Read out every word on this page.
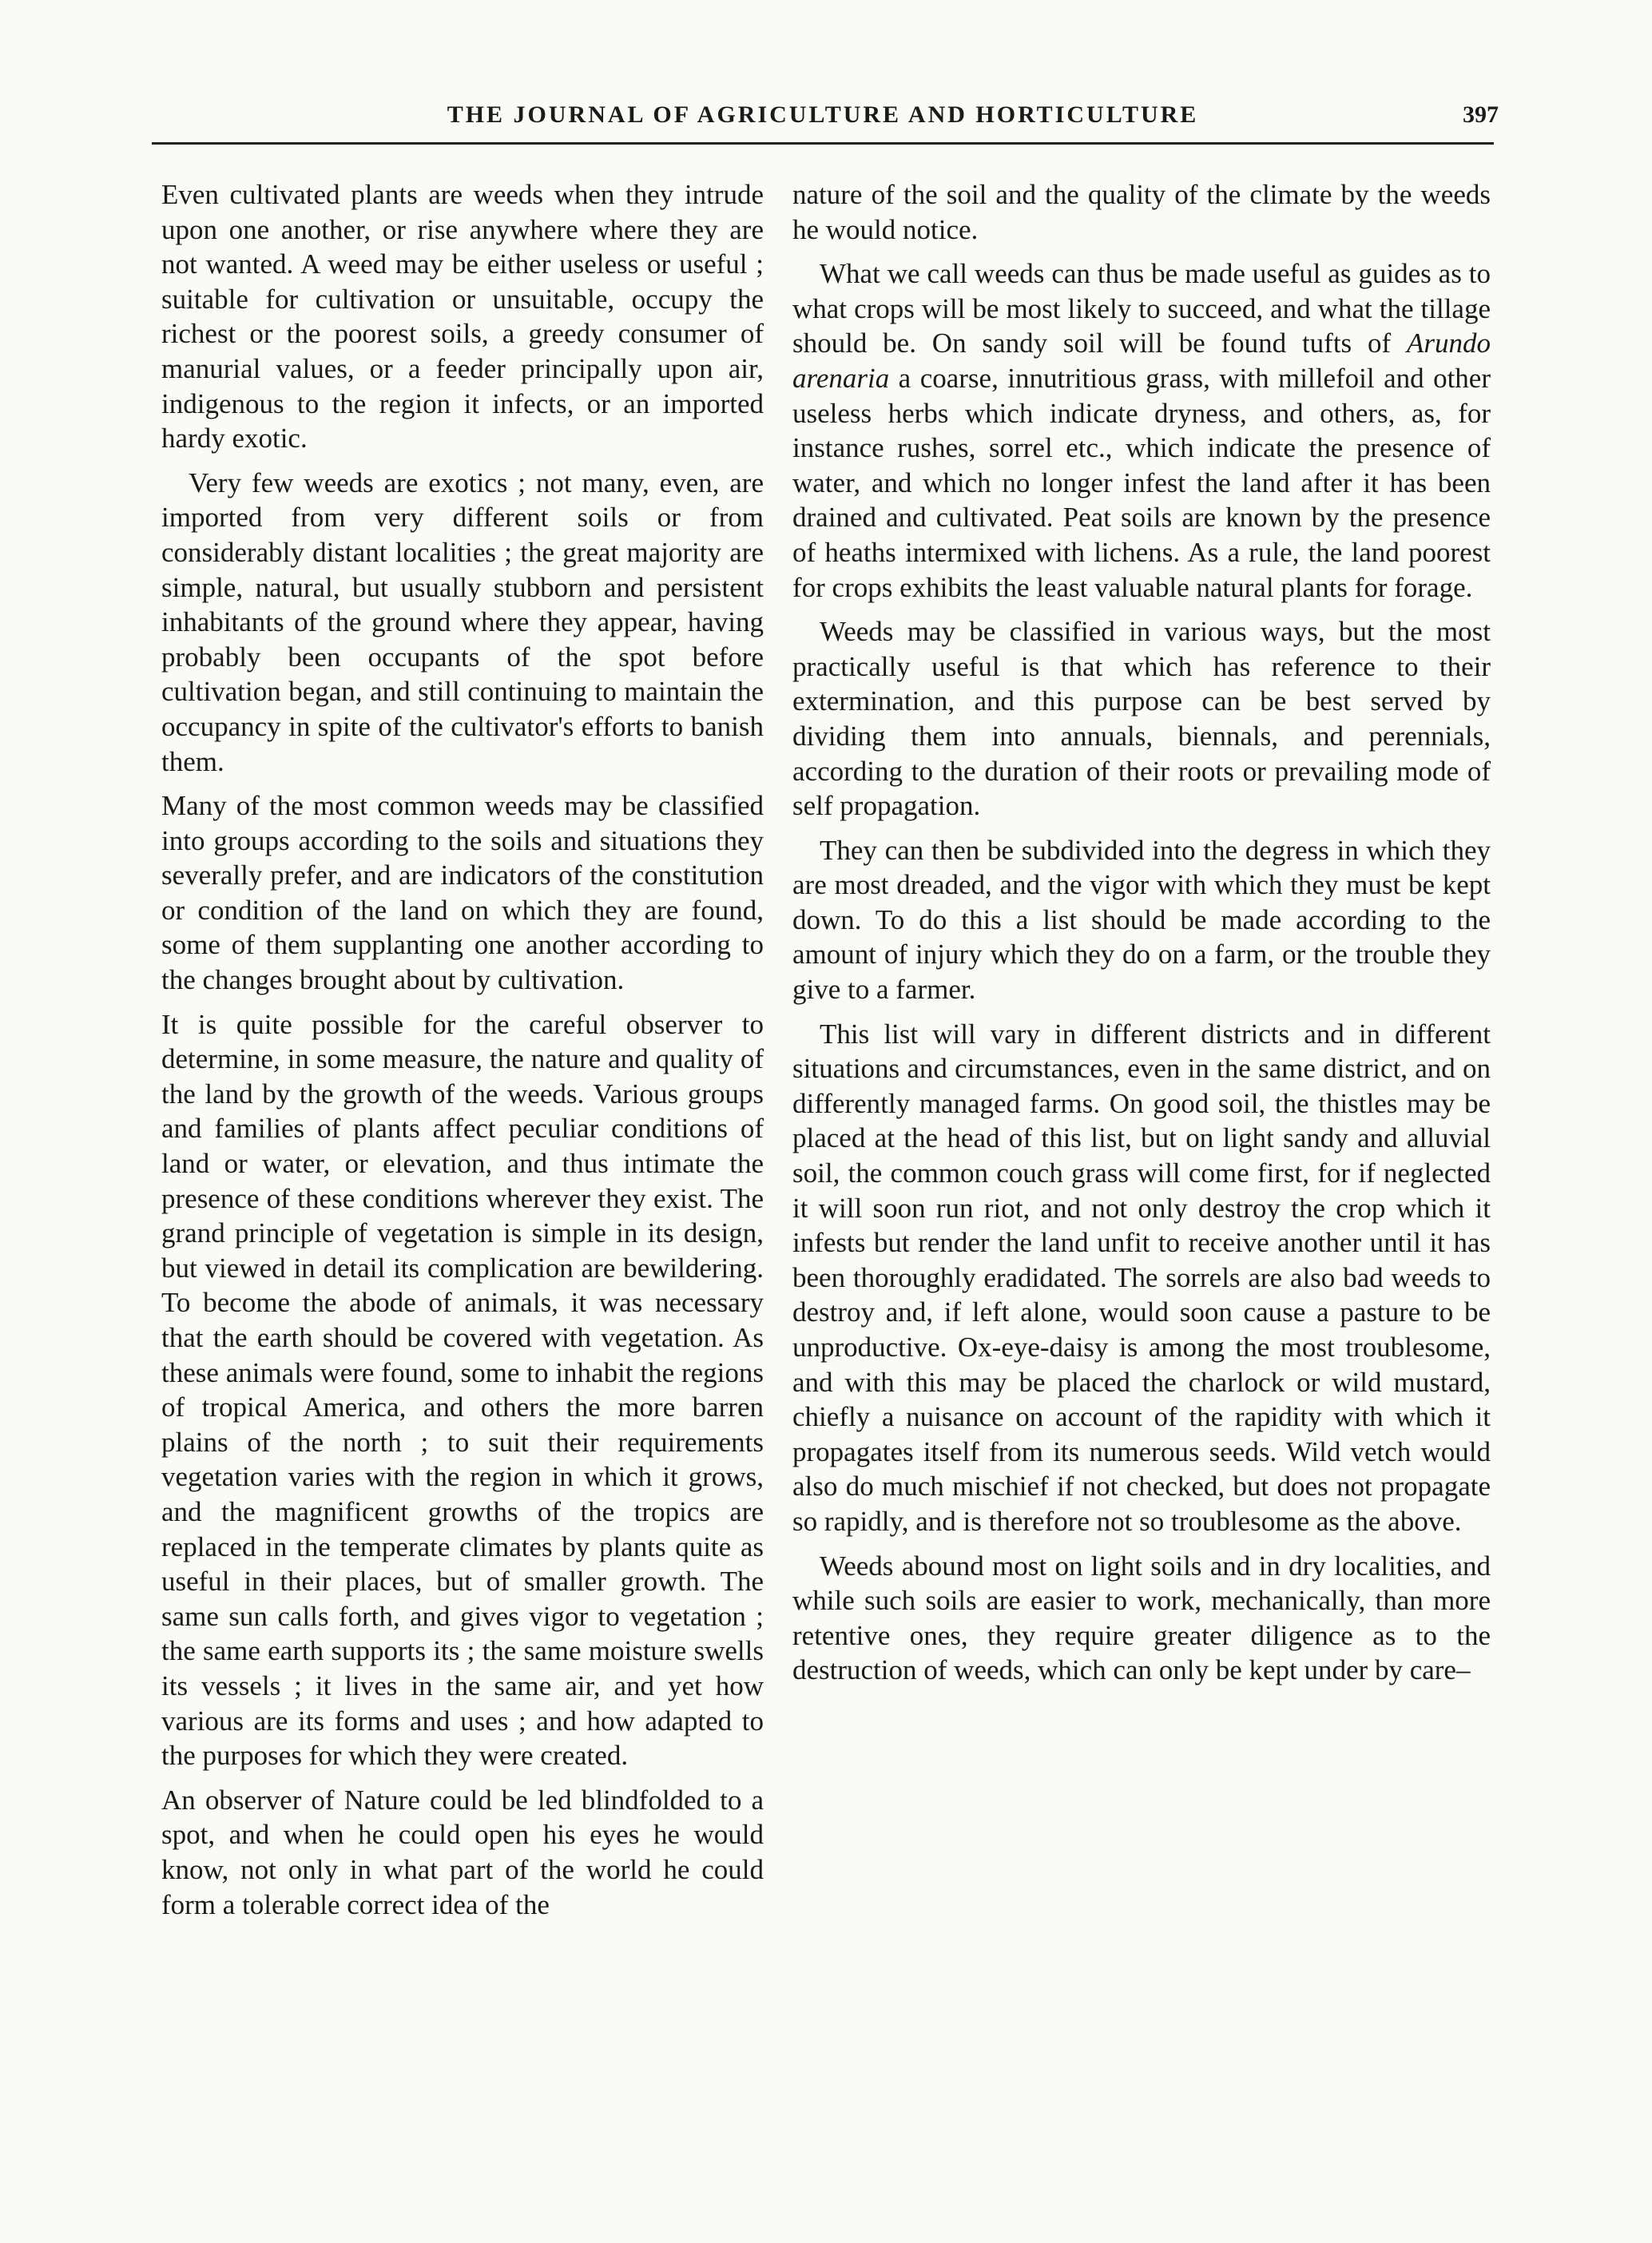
THE JOURNAL OF AGRICULTURE AND HORTICULTURE	397

Even cultivated plants are weeds when they intrude upon one another, or rise anywhere where they are not wanted. A weed may be either useless or useful ; suitable for cultivation or unsuitable, occupy the richest or the poorest soils, a greedy consumer of manurial values, or a feeder principally upon air, indigenous to the region it infects, or an imported hardy exotic.

Very few weeds are exotics ; not many, even, are imported from very different soils or from considerably distant localities ; the great majority are simple, natural, but usually stubborn and persistent inhabitants of the ground where they appear, having probably been occupants of the spot before cultivation began, and still continuing to maintain the occupancy in spite of the cultivator's efforts to banish them.

Many of the most common weeds may be classified into groups according to the soils and situations they severally prefer, and are indicators of the constitution or condition of the land on which they are found, some of them supplanting one another according to the changes brought about by cultivation.

It is quite possible for the careful observer to determine, in some measure, the nature and quality of the land by the growth of the weeds. Various groups and families of plants affect peculiar conditions of land or water, or elevation, and thus intimate the presence of these conditions wherever they exist. The grand principle of vegetation is simple in its design, but viewed in detail its complication are bewildering. To become the abode of animals, it was necessary that the earth should be covered with vegetation. As these animals were found, some to inhabit the regions of tropical America, and others the more barren plains of the north ; to suit their requirements vegetation varies with the region in which it grows, and the magnificent growths of the tropics are replaced in the temperate climates by plants quite as useful in their places, but of smaller growth. The same sun calls forth, and gives vigor to vegetation ; the same earth supports its ; the same moisture swells its vessels ; it lives in the same air, and yet how various are its forms and uses ; and how adapted to the purposes for which they were created.

An observer of Nature could be led blindfolded to a spot, and when he could open his eyes he would know, not only in what part of the world he could form a tolerable correct idea of the

nature of the soil and the quality of the climate by the weeds he would notice.

What we call weeds can thus be made useful as guides as to what crops will be most likely to succeed, and what the tillage should be. On sandy soil will be found tufts of Arundo arenaria a coarse, innutritious grass, with millefoil and other useless herbs which indicate dryness, and others, as, for instance rushes, sorrel etc., which indicate the presence of water, and which no longer infest the land after it has been drained and cultivated. Peat soils are known by the presence of heaths intermixed with lichens. As a rule, the land poorest for crops exhibits the least valuable natural plants for forage.

Weeds may be classified in various ways, but the most practically useful is that which has reference to their extermination, and this purpose can be best served by dividing them into annuals, biennals, and perennials, according to the duration of their roots or prevailing mode of self propagation.

They can then be subdivided into the degress in which they are most dreaded, and the vigor with which they must be kept down. To do this a list should be made according to the amount of injury which they do on a farm, or the trouble they give to a farmer.

This list will vary in different districts and in different situations and circumstances, even in the same district, and on differently managed farms. On good soil, the thistles may be placed at the head of this list, but on light sandy and alluvial soil, the common couch grass will come first, for if neglected it will soon run riot, and not only destroy the crop which it infests but render the land unfit to receive another until it has been thoroughly eradidated. The sorrels are also bad weeds to destroy and, if left alone, would soon cause a pasture to be unproductive. Ox-eye-daisy is among the most troublesome, and with this may be placed the charlock or wild mustard, chiefly a nuisance on account of the rapidity with which it propagates itself from its numerous seeds. Wild vetch would also do much mischief if not checked, but does not propagate so rapidly, and is therefore not so troublesome as the above.

Weeds abound most on light soils and in dry localities, and while such soils are easier to work, mechanically, than more retentive ones, they require greater diligence as to the destruction of weeds, which can only be kept under by care–
